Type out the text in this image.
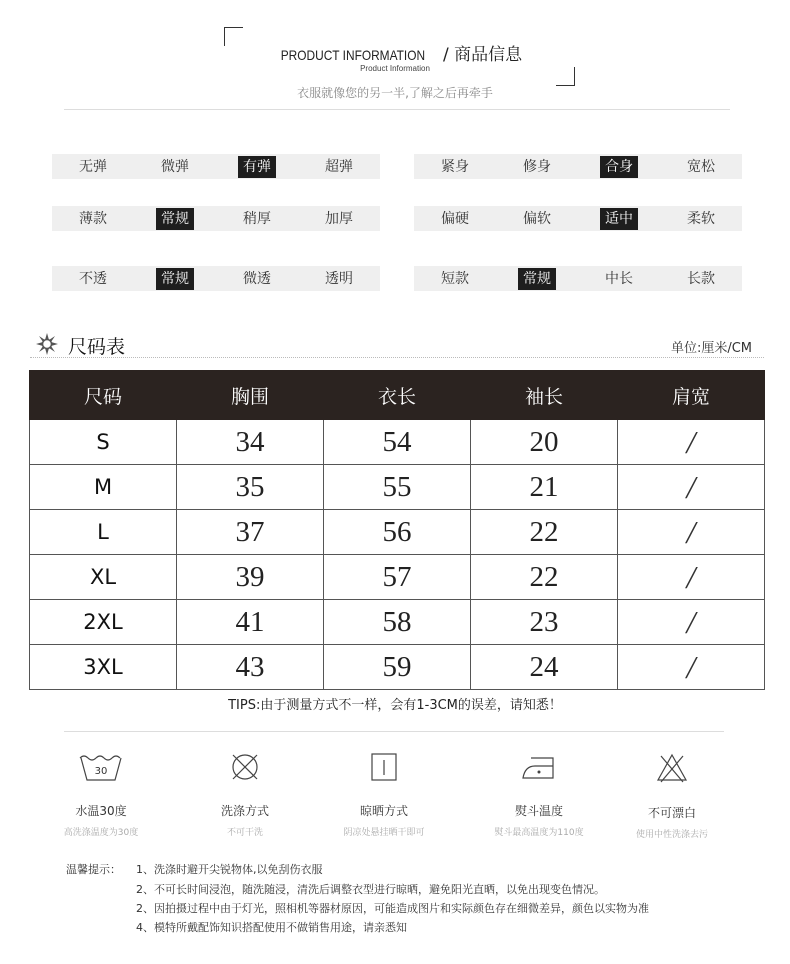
PRODUCT INFORMATION / 商品信息
Product Information
衣服就像您的另一半,了解之后再牵手
无弹	微弹	有弹	超弹	紧身	修身	合身	宽松
薄款	常规	稍厚	加厚	偏硬	偏软	适中	柔软
不透	常规	微透	透明	短款	常规	中长	长款
尺码表	单位:厘米/CM
尺码	胸围	衣长	袖长	肩宽
S	34	54	20	/
M	35	55	21	/
L	37	56	22	/
XL	39	57	22	/
2XL	41	58	23	/
3XL	43	59	24	/
TIPS:由于测量方式不一样，会有1-3CM的误差，请知悉！
30
水温30度
高洗涤温度为30度
洗涤方式
不可干洗
晾晒方式
阴凉处悬挂晒干即可
熨斗温度
熨斗最高温度为110度
不可漂白
使用中性洗涤去污
温馨提示： 1、洗涤时避开尖锐物体,以免刮伤衣服
2、不可长时间浸泡，随洗随浸，清洗后调整衣型进行晾晒，避免阳光直晒，以免出现变色情况。
2、因拍摄过程中由于灯光，照相机等器材原因，可能造成图片和实际颜色存在细微差异，颜色以实物为准
4、模特所戴配饰知识搭配使用不做销售用途，请亲悉知
